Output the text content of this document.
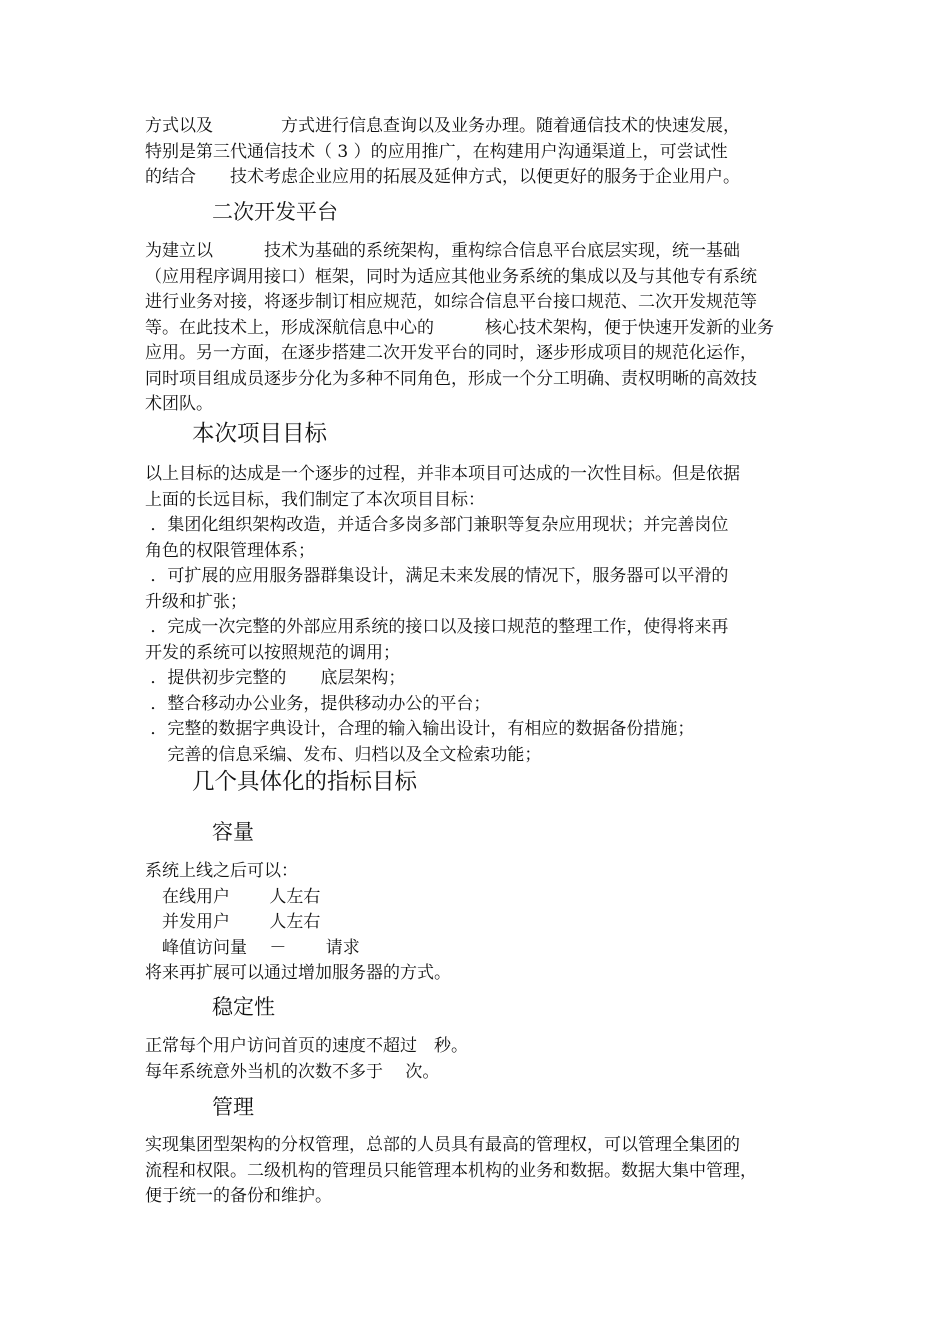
方式以及　　　　方式进行信息查询以及业务办理。随着通信技术的快速发展，
特别是第三代通信技术（ 3 ）的应用推广，在构建用户沟通渠道上，可尝试性
的结合　　技术考虑企业应用的拓展及延伸方式，以便更好的服务于企业用户。
二次开发平台
为建立以　　　技术为基础的系统架构，重构综合信息平台底层实现，统一基础
（应用程序调用接口）框架，同时为适应其他业务系统的集成以及与其他专有系统
进行业务对接，将逐步制订相应规范，如综合信息平台接口规范、二次开发规范等
等。在此技术上，形成深航信息中心的　　　核心技术架构，便于快速开发新的业务
应用。另一方面，在逐步搭建二次开发平台的同时，逐步形成项目的规范化运作，
同时项目组成员逐步分化为多种不同角色，形成一个分工明确、责权明晰的高效技
术团队。
本次项目目标
以上目标的达成是一个逐步的过程，并非本项目可达成的一次性目标。但是依据
上面的长远目标，我们制定了本次项目目标：
．集团化组织架构改造，并适合多岗多部门兼职等复杂应用现状；并完善岗位
角色的权限管理体系；
．可扩展的应用服务器群集设计，满足未来发展的情况下，服务器可以平滑的
升级和扩张；
．完成一次完整的外部应用系统的接口以及接口规范的整理工作，使得将来再
开发的系统可以按照规范的调用；
．提供初步完整的　　底层架构；
．整合移动办公业务，提供移动办公的平台；
．完整的数据字典设计，合理的输入输出设计，有相应的数据备份措施；
　 完善的信息采编、发布、归档以及全文检索功能；
几个具体化的指标目标
容量
系统上线之后可以：
　在线用户　　 人左右
　并发用户　　 人左右
　峰值访问量　 －　　 请求
将来再扩展可以通过增加服务器的方式。
稳定性
正常每个用户访问首页的速度不超过　秒。
每年系统意外当机的次数不多于　 次。
管理
实现集团型架构的分权管理，总部的人员具有最高的管理权，可以管理全集团的
流程和权限。二级机构的管理员只能管理本机构的业务和数据。数据大集中管理，
便于统一的备份和维护。
